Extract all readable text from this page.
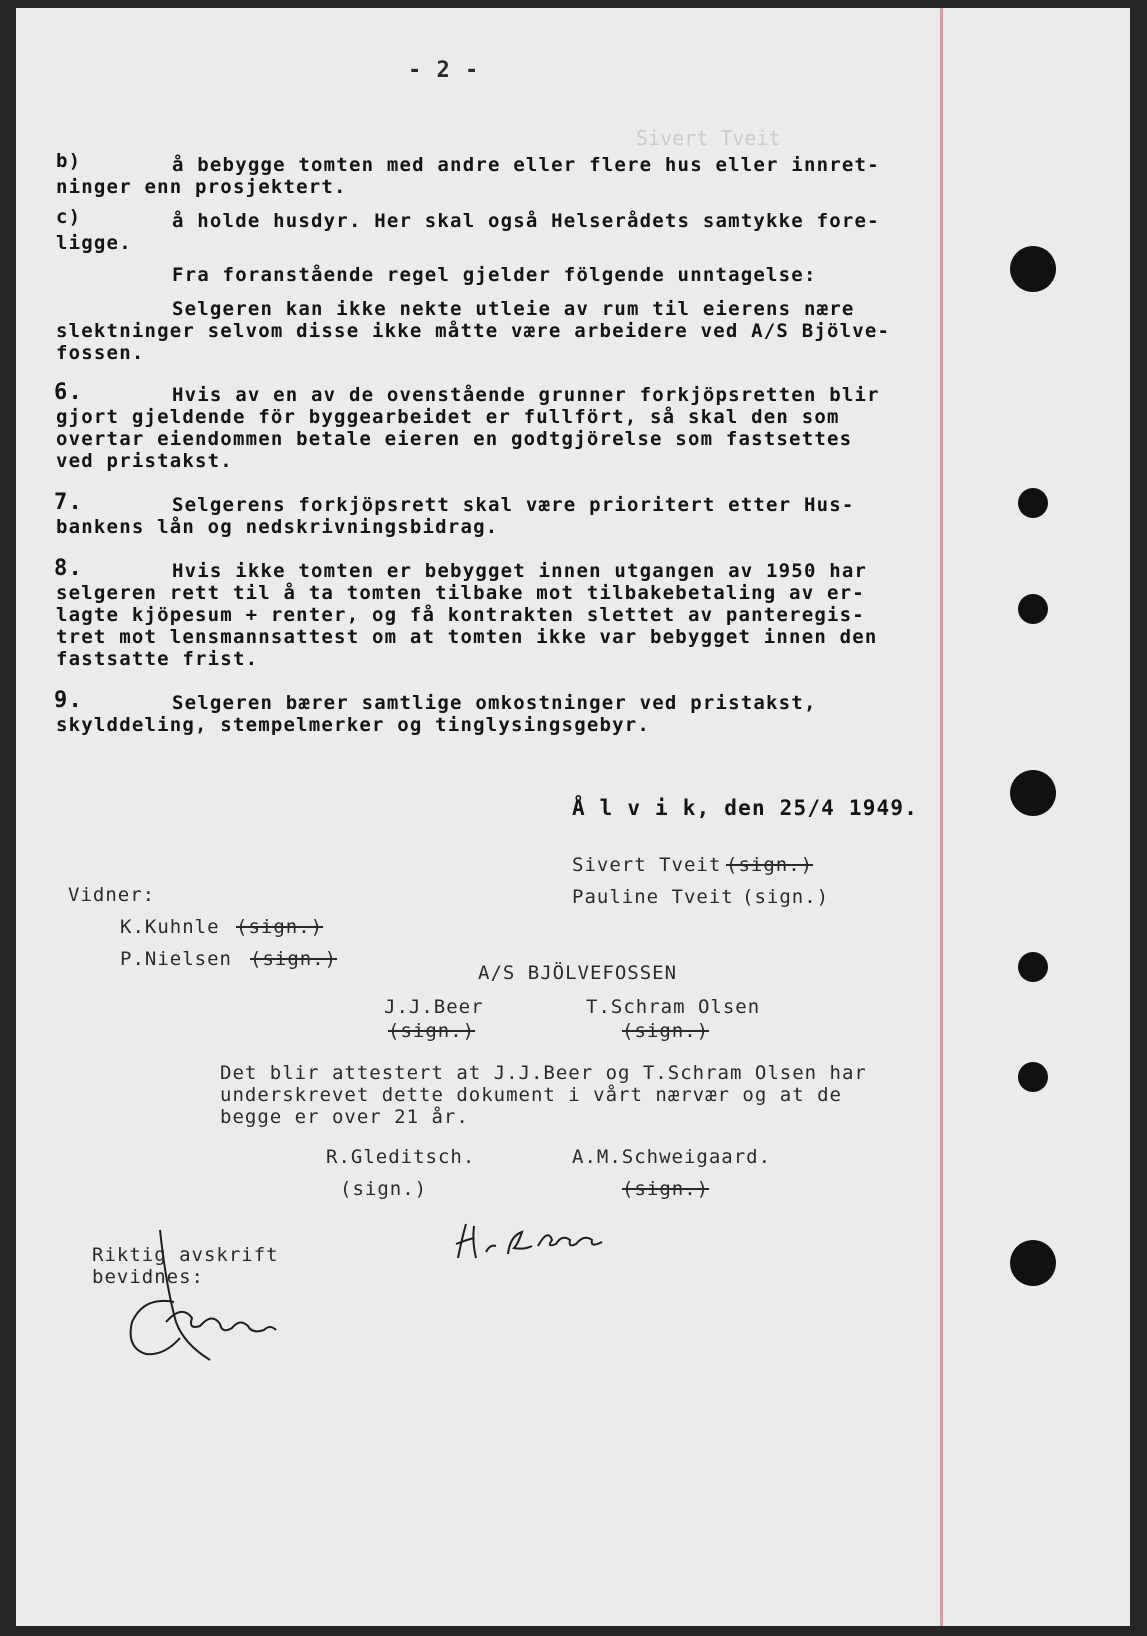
Sivert Tveit
- 2 -
b)	å bebygge tomten med andre eller flere hus eller innret-
ninger enn prosjektert.
c)	å holde husdyr. Her skal også Helserådets samtykke fore-
ligge.
Fra foranstående regel gjelder fölgende unntagelse:
Selgeren kan ikke nekte utleie av rum til eierens nære
slektninger selvom disse ikke måtte være arbeidere ved A/S Bjölve-
fossen.
6.	Hvis av en av de ovenstående grunner forkjöpsretten blir
gjort gjeldende för byggearbeidet er fullfört, så skal den som
overtar eiendommen betale eieren en godtgjörelse som fastsettes
ved pristakst.
7.	Selgerens forkjöpsrett skal være prioritert etter Hus-
bankens lån og nedskrivningsbidrag.
8.	Hvis ikke tomten er bebygget innen utgangen av 1950 har
selgeren rett til å ta tomten tilbake mot tilbakebetaling av er-
lagte kjöpesum + renter, og få kontrakten slettet av panteregis-
tret mot lensmannsattest om at tomten ikke var bebygget innen den
fastsatte frist.
9.	Selgeren bærer samtlige omkostninger ved pristakst,
skylddeling, stempelmerker og tinglysingsgebyr.
Å l v i k, den 25/4 1949.
Sivert Tveit (sign.)
Pauline Tveit (sign.)
Vidner:
K.Kuhnle (sign.)
P.Nielsen (sign.)
A/S BJÖLVEFOSSEN
J.J.Beer
(sign.)
T.Schram Olsen
(sign.)
Det blir attestert at J.J.Beer og T.Schram Olsen har
underskrevet dette dokument i vårt nærvær og at de
begge er over 21 år.
R.Gleditsch.
(sign.)
A.M.Schweigaard.
(sign.)
Riktig avskrift
bevidnes:
